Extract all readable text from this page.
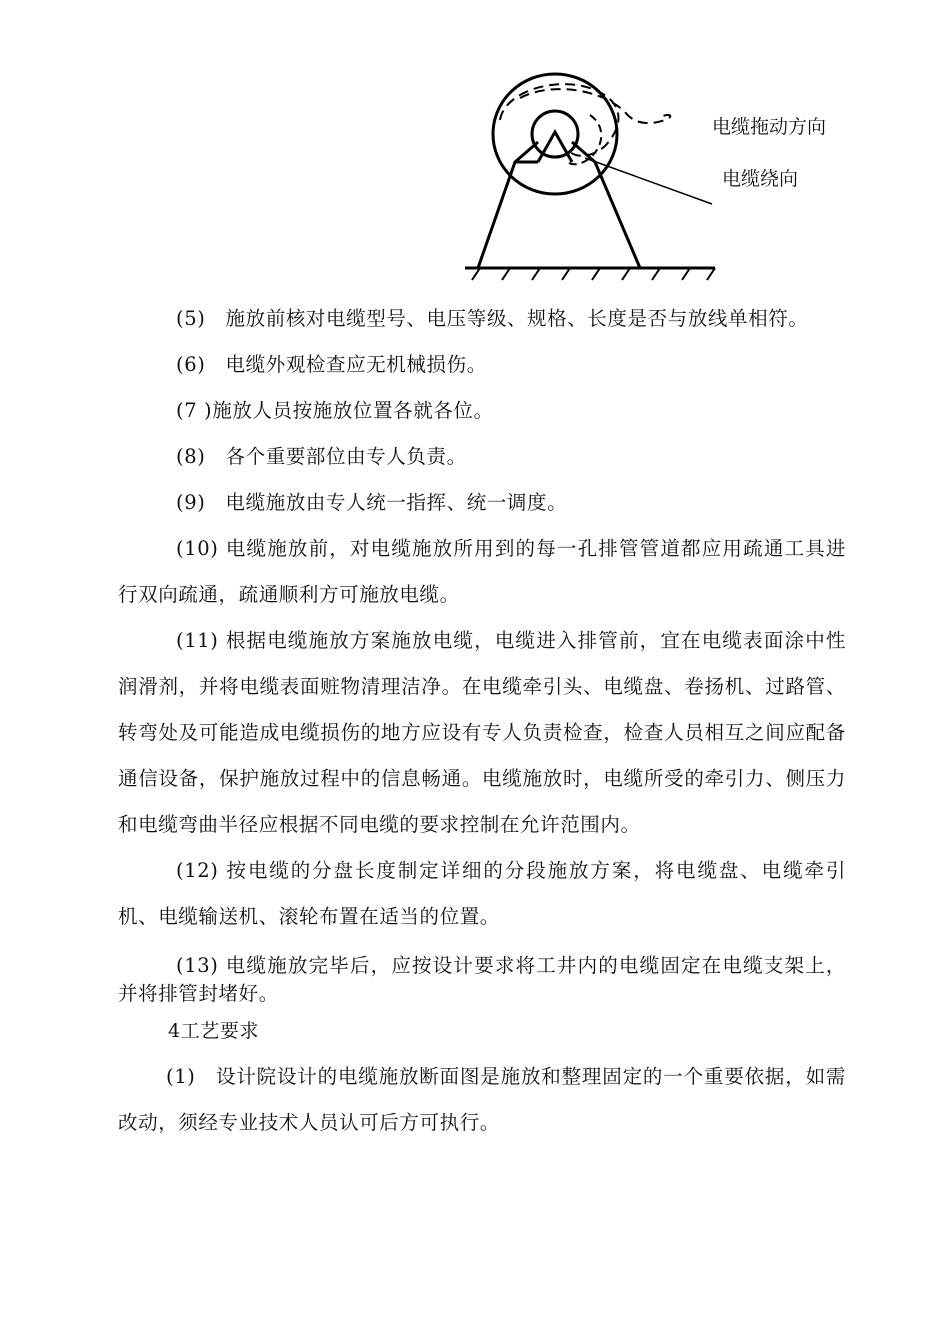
电缆拖动方向
电缆绕向

(5)　施放前核对电缆型号、电压等级、规格、长度是否与放线单相符。

(6)　电缆外观检查应无机械损伤。

(7 )施放人员按施放位置各就各位。

(8)　各个重要部位由专人负责。

(9)　电缆施放由专人统一指挥、统一调度。

(10) 电缆施放前，对电缆施放所用到的每一孔排管管道都应用疏通工具进行双向疏通，疏通顺利方可施放电缆。

(11) 根据电缆施放方案施放电缆，电缆进入排管前，宜在电缆表面涂中性润滑剂，并将电缆表面赃物清理洁净。在电缆牵引头、电缆盘、卷扬机、过路管、转弯处及可能造成电缆损伤的地方应设有专人负责检查，检查人员相互之间应配备通信设备，保护施放过程中的信息畅通。电缆施放时，电缆所受的牵引力、侧压力和电缆弯曲半径应根据不同电缆的要求控制在允许范围内。

(12) 按电缆的分盘长度制定详细的分段施放方案，将电缆盘、电缆牵引机、电缆输送机、滚轮布置在适当的位置。

(13) 电缆施放完毕后，应按设计要求将工井内的电缆固定在电缆支架上，并将排管封堵好。

4工艺要求

(1)　设计院设计的电缆施放断面图是施放和整理固定的一个重要依据，如需改动，须经专业技术人员认可后方可执行。
